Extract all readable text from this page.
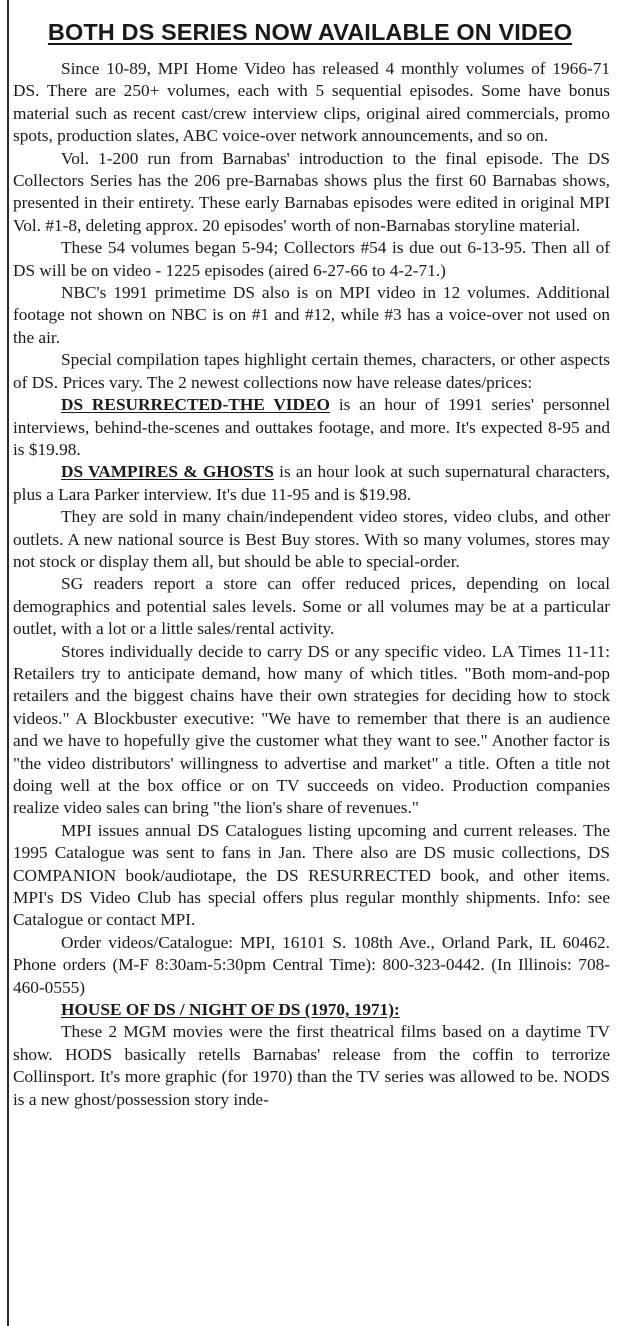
BOTH DS SERIES NOW AVAILABLE ON VIDEO

Since 10-89, MPI Home Video has released 4 monthly volumes of 1966-71 DS. There are 250+ volumes, each with 5 sequential episodes. Some have bonus material such as recent cast/crew interview clips, original aired commercials, promo spots, production slates, ABC voice-over network announcements, and so on.

Vol. 1-200 run from Barnabas' introduction to the final episode. The DS Collectors Series has the 206 pre-Barnabas shows plus the first 60 Barnabas shows, presented in their entirety. These early Barnabas episodes were edited in original MPI Vol. #1-8, deleting approx. 20 episodes' worth of non-Barnabas storyline material.

These 54 volumes began 5-94; Collectors #54 is due out 6-13-95. Then all of DS will be on video - 1225 episodes (aired 6-27-66 to 4-2-71.)

NBC's 1991 primetime DS also is on MPI video in 12 volumes. Additional footage not shown on NBC is on #1 and #12, while #3 has a voice-over not used on the air.

Special compilation tapes highlight certain themes, characters, or other aspects of DS. Prices vary. The 2 newest collections now have release dates/prices:

DS RESURRECTED-THE VIDEO is an hour of 1991 series' personnel interviews, behind-the-scenes and outtakes footage, and more. It's expected 8-95 and is $19.98.

DS VAMPIRES & GHOSTS is an hour look at such supernatural characters, plus a Lara Parker interview. It's due 11-95 and is $19.98.

They are sold in many chain/independent video stores, video clubs, and other outlets. A new national source is Best Buy stores. With so many volumes, stores may not stock or display them all, but should be able to special-order.

SG readers report a store can offer reduced prices, depending on local demographics and potential sales levels. Some or all volumes may be at a particular outlet, with a lot or a little sales/rental activity.

Stores individually decide to carry DS or any specific video. LA Times 11-11: Retailers try to anticipate demand, how many of which titles. "Both mom-and-pop retailers and the biggest chains have their own strategies for deciding how to stock videos." A Blockbuster executive: "We have to remember that there is an audience and we have to hopefully give the customer what they want to see." Another factor is "the video distributors' willingness to advertise and market" a title. Often a title not doing well at the box office or on TV succeeds on video. Production companies realize video sales can bring "the lion's share of revenues."

MPI issues annual DS Catalogues listing upcoming and current releases. The 1995 Catalogue was sent to fans in Jan. There also are DS music collections, DS COMPANION book/audiotape, the DS RESURRECTED book, and other items. MPI's DS Video Club has special offers plus regular monthly shipments. Info: see Catalogue or contact MPI.

Order videos/Catalogue: MPI, 16101 S. 108th Ave., Orland Park, IL 60462. Phone orders (M-F 8:30am-5:30pm Central Time): 800-323-0442. (In Illinois: 708-460-0555)

HOUSE OF DS / NIGHT OF DS (1970, 1971):

These 2 MGM movies were the first theatrical films based on a daytime TV show. HODS basically retells Barnabas' release from the coffin to terrorize Collinsport. It's more graphic (for 1970) than the TV series was allowed to be. NODS is a new ghost/possession story inde-
